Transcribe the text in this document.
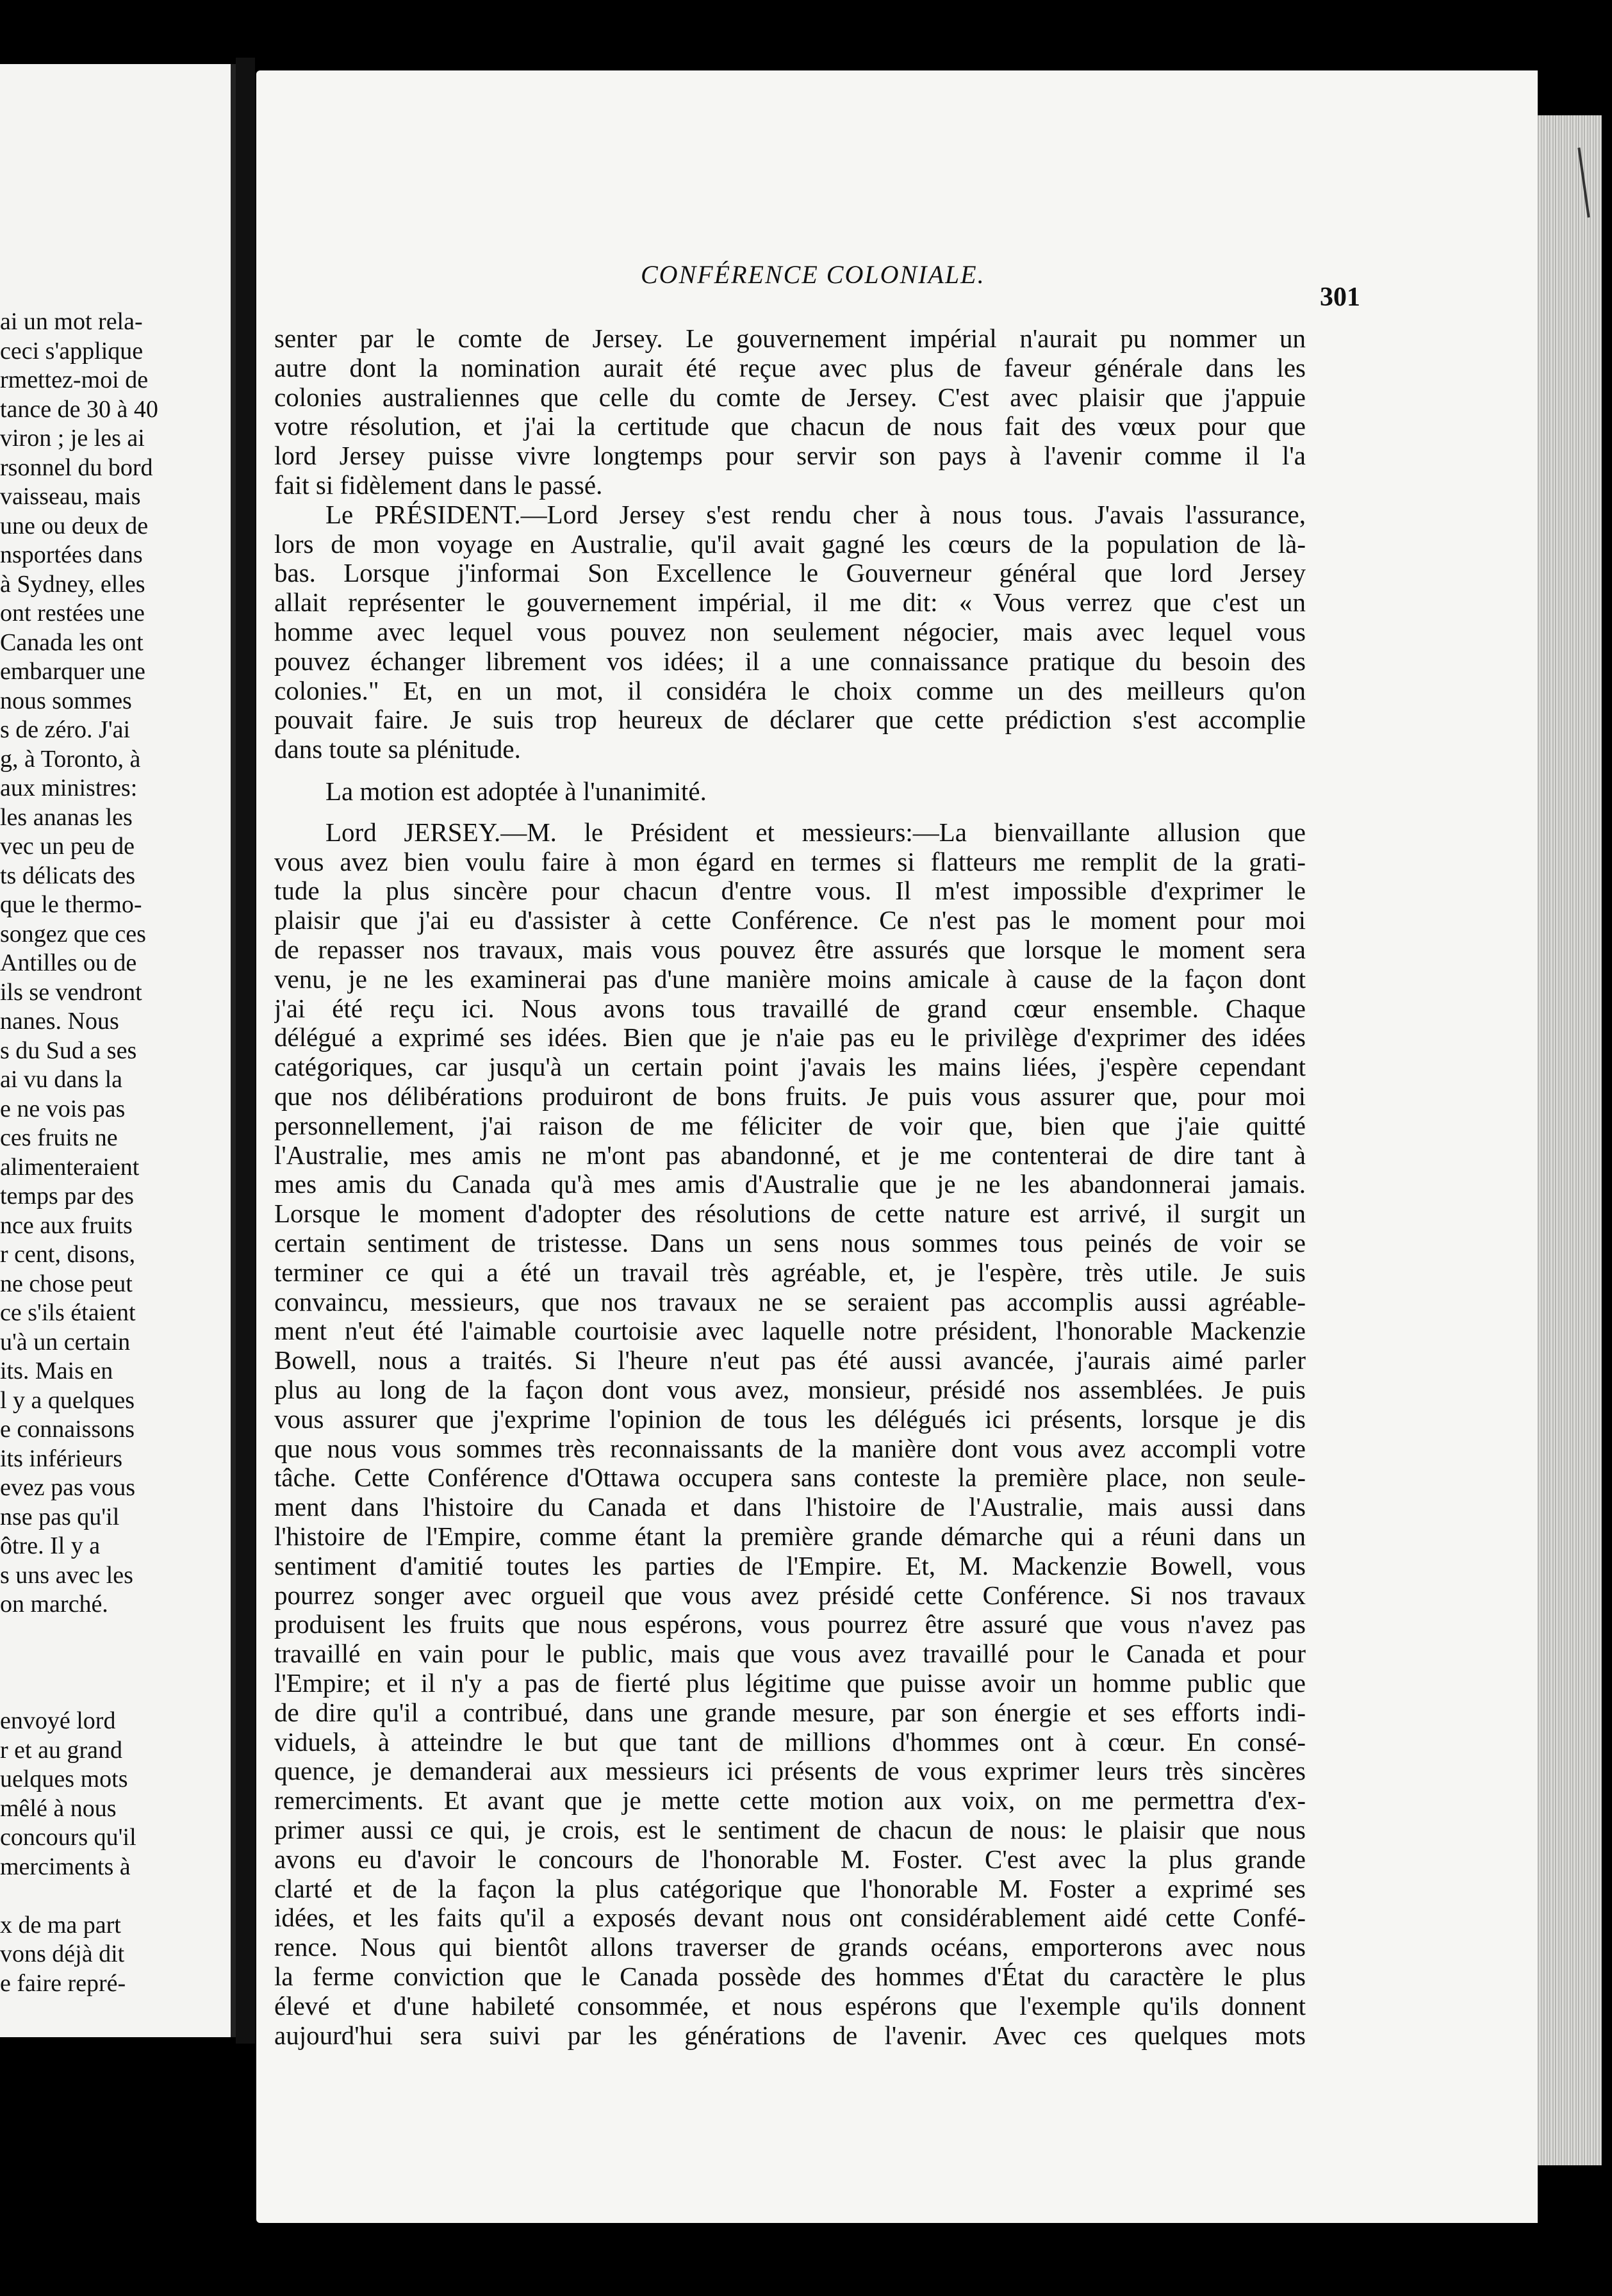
ai un mot rela-
ceci s'applique
rmettez-moi de
tance de 30 à 40
viron ; je les ai
rsonnel du bord
vaisseau, mais
une ou deux de
nsportées dans
à Sydney, elles
ont restées une
Canada les ont
embarquer une
nous sommes
s de zéro. J'ai
g, à Toronto, à
aux ministres:
les ananas les
vec un peu de
ts délicats des
que le thermo-
songez que ces
Antilles ou de
ils se vendront
nanes. Nous
s du Sud a ses
ai vu dans la
e ne vois pas
ces fruits ne
alimenteraient
temps par des
nce aux fruits
r cent, disons,
ne chose peut
ce s'ils étaient
u'à un certain
its. Mais en
l y a quelques
e connaissons
its inférieurs
evez pas vous
nse pas qu'il
ôtre. Il y a
s uns avec les
on marché.
envoyé lord
r et au grand
uelques mots
mêlé à nous
concours qu'il
merciments à
x de ma part
vons déjà dit
e faire repré-
CONFÉRENCE COLONIALE.
301
senter par le comte de Jersey. Le gouvernement impérial n'aurait pu nommer un
autre dont la nomination aurait été reçue avec plus de faveur générale dans les
colonies australiennes que celle du comte de Jersey. C'est avec plaisir que j'appuie
votre résolution, et j'ai la certitude que chacun de nous fait des vœux pour que
lord Jersey puisse vivre longtemps pour servir son pays à l'avenir comme il l'a
fait si fidèlement dans le passé.
Le PRÉSIDENT.—Lord Jersey s'est rendu cher à nous tous. J'avais l'assurance,
lors de mon voyage en Australie, qu'il avait gagné les cœurs de la population de là-
bas. Lorsque j'informai Son Excellence le Gouverneur général que lord Jersey
allait représenter le gouvernement impérial, il me dit: « Vous verrez que c'est un
homme avec lequel vous pouvez non seulement négocier, mais avec lequel vous
pouvez échanger librement vos idées; il a une connaissance pratique du besoin des
colonies." Et, en un mot, il considéra le choix comme un des meilleurs qu'on
pouvait faire. Je suis trop heureux de déclarer que cette prédiction s'est accomplie
dans toute sa plénitude.
La motion est adoptée à l'unanimité.
Lord JERSEY.—M. le Président et messieurs:—La bienvaillante allusion que
vous avez bien voulu faire à mon égard en termes si flatteurs me remplit de la grati-
tude la plus sincère pour chacun d'entre vous. Il m'est impossible d'exprimer le
plaisir que j'ai eu d'assister à cette Conférence. Ce n'est pas le moment pour moi
de repasser nos travaux, mais vous pouvez être assurés que lorsque le moment sera
venu, je ne les examinerai pas d'une manière moins amicale à cause de la façon dont
j'ai été reçu ici. Nous avons tous travaillé de grand cœur ensemble. Chaque
délégué a exprimé ses idées. Bien que je n'aie pas eu le privilège d'exprimer des idées
catégoriques, car jusqu'à un certain point j'avais les mains liées, j'espère cependant
que nos délibérations produiront de bons fruits. Je puis vous assurer que, pour moi
personnellement, j'ai raison de me féliciter de voir que, bien que j'aie quitté
l'Australie, mes amis ne m'ont pas abandonné, et je me contenterai de dire tant à
mes amis du Canada qu'à mes amis d'Australie que je ne les abandonnerai jamais.
Lorsque le moment d'adopter des résolutions de cette nature est arrivé, il surgit un
certain sentiment de tristesse. Dans un sens nous sommes tous peinés de voir se
terminer ce qui a été un travail très agréable, et, je l'espère, très utile. Je suis
convaincu, messieurs, que nos travaux ne se seraient pas accomplis aussi agréable-
ment n'eut été l'aimable courtoisie avec laquelle notre président, l'honorable Mackenzie
Bowell, nous a traités. Si l'heure n'eut pas été aussi avancée, j'aurais aimé parler
plus au long de la façon dont vous avez, monsieur, présidé nos assemblées. Je puis
vous assurer que j'exprime l'opinion de tous les délégués ici présents, lorsque je dis
que nous vous sommes très reconnaissants de la manière dont vous avez accompli votre
tâche. Cette Conférence d'Ottawa occupera sans conteste la première place, non seule-
ment dans l'histoire du Canada et dans l'histoire de l'Australie, mais aussi dans
l'histoire de l'Empire, comme étant la première grande démarche qui a réuni dans un
sentiment d'amitié toutes les parties de l'Empire. Et, M. Mackenzie Bowell, vous
pourrez songer avec orgueil que vous avez présidé cette Conférence. Si nos travaux
produisent les fruits que nous espérons, vous pourrez être assuré que vous n'avez pas
travaillé en vain pour le public, mais que vous avez travaillé pour le Canada et pour
l'Empire; et il n'y a pas de fierté plus légitime que puisse avoir un homme public que
de dire qu'il a contribué, dans une grande mesure, par son énergie et ses efforts indi-
viduels, à atteindre le but que tant de millions d'hommes ont à cœur. En consé-
quence, je demanderai aux messieurs ici présents de vous exprimer leurs très sincères
remerciments. Et avant que je mette cette motion aux voix, on me permettra d'ex-
primer aussi ce qui, je crois, est le sentiment de chacun de nous: le plaisir que nous
avons eu d'avoir le concours de l'honorable M. Foster. C'est avec la plus grande
clarté et de la façon la plus catégorique que l'honorable M. Foster a exprimé ses
idées, et les faits qu'il a exposés devant nous ont considérablement aidé cette Confé-
rence. Nous qui bientôt allons traverser de grands océans, emporterons avec nous
la ferme conviction que le Canada possède des hommes d'État du caractère le plus
élevé et d'une habileté consommée, et nous espérons que l'exemple qu'ils donnent
aujourd'hui sera suivi par les générations de l'avenir. Avec ces quelques mots
